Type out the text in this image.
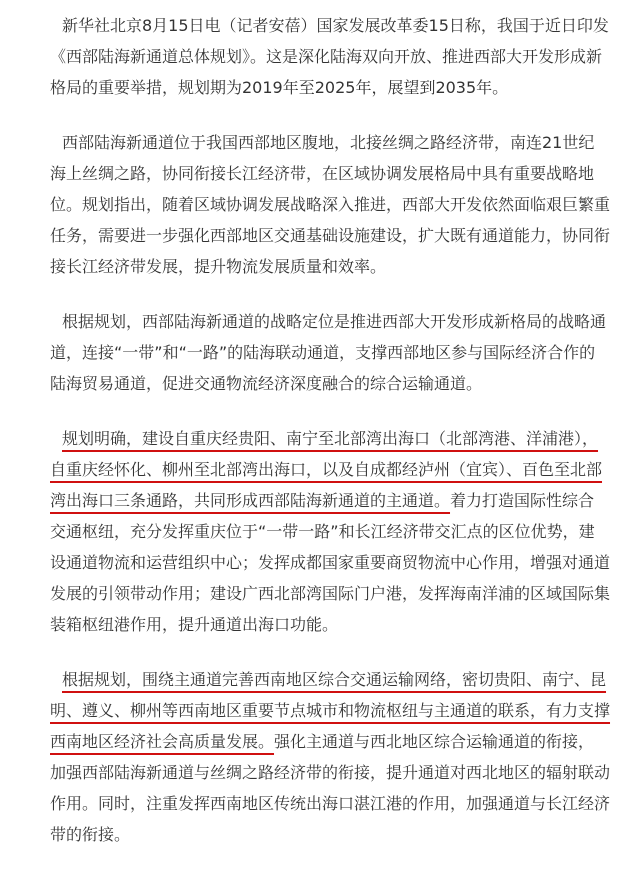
新华社北京8月15日电（记者安蓓）国家发展改革委15日称，我国于近日印发《西部陆海新通道总体规划》。这是深化陆海双向开放、推进西部大开发形成新格局的重要举措，规划期为2019年至2025年，展望到2035年。

西部陆海新通道位于我国西部地区腹地，北接丝绸之路经济带，南连21世纪海上丝绸之路，协同衔接长江经济带，在区域协调发展格局中具有重要战略地位。规划指出，随着区域协调发展战略深入推进，西部大开发依然面临艰巨繁重任务，需要进一步强化西部地区交通基础设施建设，扩大既有通道能力，协同衔接长江经济带发展，提升物流发展质量和效率。

根据规划，西部陆海新通道的战略定位是推进西部大开发形成新格局的战略通道，连接“一带”和“一路”的陆海联动通道，支撑西部地区参与国际经济合作的陆海贸易通道，促进交通物流经济深度融合的综合运输通道。

规划明确，建设自重庆经贵阳、南宁至北部湾出海口（北部湾港、洋浦港），自重庆经怀化、柳州至北部湾出海口，以及自成都经泸州（宜宾）、百色至北部湾出海口三条通路，共同形成西部陆海新通道的主通道。着力打造国际性综合交通枢纽，充分发挥重庆位于“一带一路”和长江经济带交汇点的区位优势，建设通道物流和运营组织中心；发挥成都国家重要商贸物流中心作用，增强对通道发展的引领带动作用；建设广西北部湾国际门户港，发挥海南洋浦的区域国际集装箱枢纽港作用，提升通道出海口功能。

根据规划，围绕主通道完善西南地区综合交通运输网络，密切贵阳、南宁、昆明、遵义、柳州等西南地区重要节点城市和物流枢纽与主通道的联系，有力支撑西南地区经济社会高质量发展。强化主通道与西北地区综合运输通道的衔接，加强西部陆海新通道与丝绸之路经济带的衔接，提升通道对西北地区的辐射联动作用。同时，注重发挥西南地区传统出海口湛江港的作用，加强通道与长江经济带的衔接。
